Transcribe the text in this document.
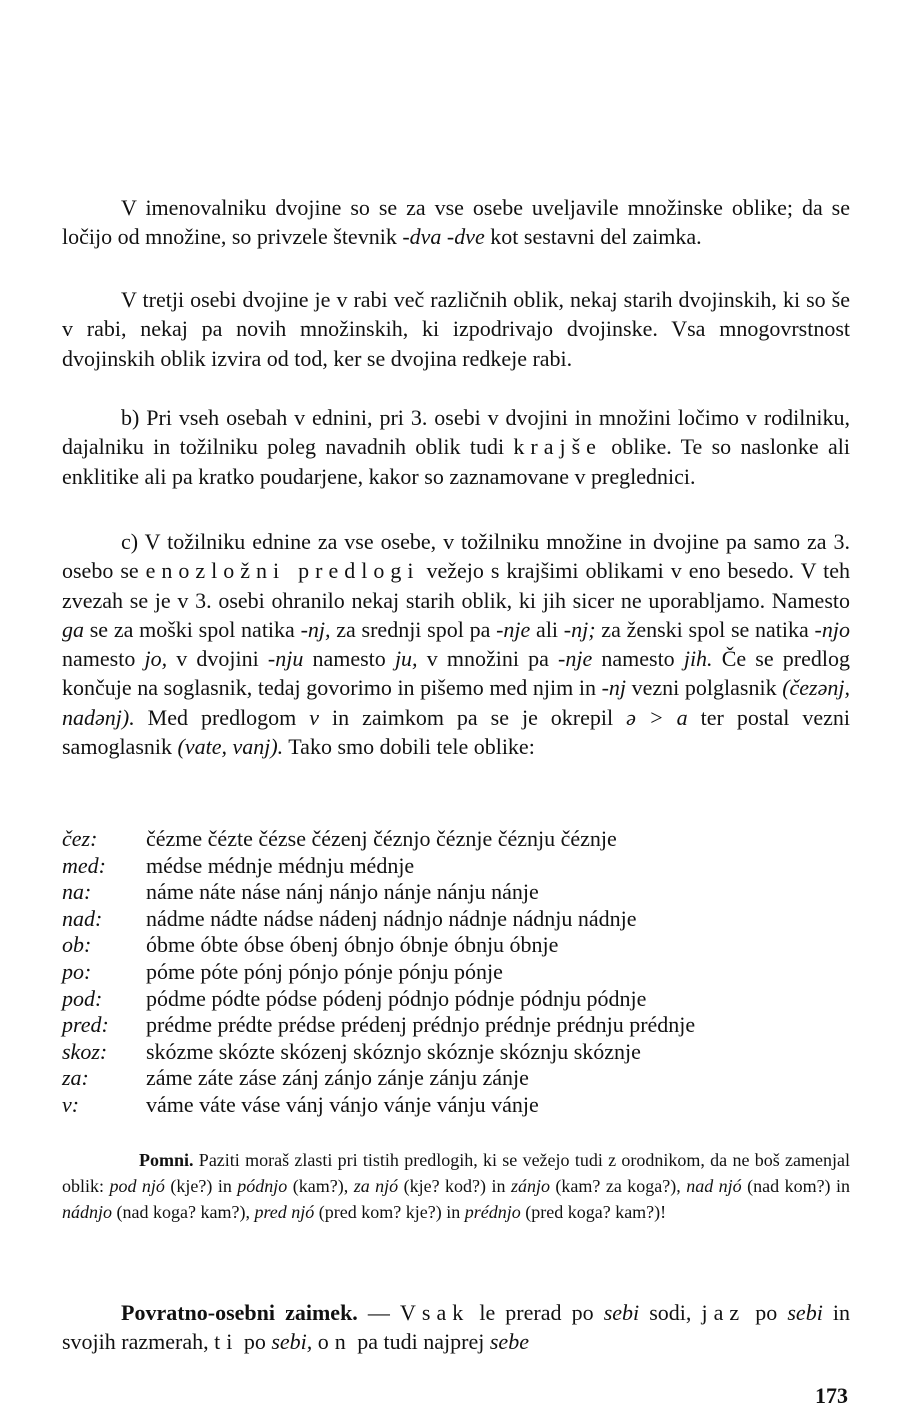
V imenovalniku dvojine so se za vse osebe uveljavile množinske oblike; da se ločijo od množine, so privzele števnik -dva -dve kot sestavni del zaimka.

V tretji osebi dvojine je v rabi več različnih oblik, nekaj starih dvojinskih, ki so še v rabi, nekaj pa novih množinskih, ki izpodrivajo dvojinske. Vsa mnogovrstnost dvojinskih oblik izvira od tod, ker se dvojina redkeje rabi.

b) Pri vseh osebah v ednini, pri 3. osebi v dvojini in množini ločimo v rodilniku, dajalniku in tožilniku poleg navadnih oblik tudi krajše oblike. Te so naslonke ali enklitike ali pa kratko poudarjene, kakor so zaznamovane v preglednici.

c) V tožilniku ednine za vse osebe, v tožilniku množine in dvojine pa samo za 3. osebo se enozložni predlogi vežejo s krajšimi oblikami v eno besedo. V teh zvezah se je v 3. osebi ohranilo nekaj starih oblik, ki jih sicer ne uporabljamo. Namesto ga se za moški spol natika -nj, za srednji spol pa -nje ali -nj; za ženski spol se natika -njo namesto jo, v dvojini -nju namesto ju, v množini pa -nje namesto jih. Če se predlog končuje na soglasnik, tedaj govorimo in pišemo med njim in -nj vezni polglasnik (čezənj, nadənj). Med predlogom v in zaimkom pa se je okrepil ə > a ter postal vezni samoglasnik (vate, vanj). Tako smo dobili tele oblike:

čez: čézme čézte čézse čézenj čéznjo čéznje čéznju čéznje
med: médse médnje médnju médnje
na: náme náte náse nánj nánjo nánje nánju nánje
nad: nádme nádte nádse nádenj nádnjo nádnje nádnju nádnje
ob: óbme óbte óbse óbenj óbnjo óbnje óbnju óbnje
po: póme póte pónj pónjo pónje pónju pónje
pod: pódme pódte pódse pódenj pódnjo pódnje pódnju pódnje
pred: prédme prédte prédse prédenj prédnjo prédnje prédnju prédnje
skoz: skózme skózte skózenj skóznjo skóznje skóznju skóznje
za:	záme záte záse zánj zánjo zánje zánju zánje
v:	váme váte váse vánj vánjo vánje vánju vánje

Pomni. Paziti moraš zlasti pri tistih predlogih, ki se vežejo tudi z orodnikom, da ne boš zamenjal oblik: pod njó (kje?) in pódnjo (kam?), za njó (kje? kod?) in zánjo (kam? za koga?), nad njó (nad kom?) in nádnjo (nad koga? kam?), pred njó (pred kom? kje?) in prédnjo (pred koga? kam?)!

Povratno-osebni zaimek. — Vsak le prerad po sebi sodi, jaz po sebi in svojih razmerah, ti po sebi, on pa tudi najprej sebe

173
